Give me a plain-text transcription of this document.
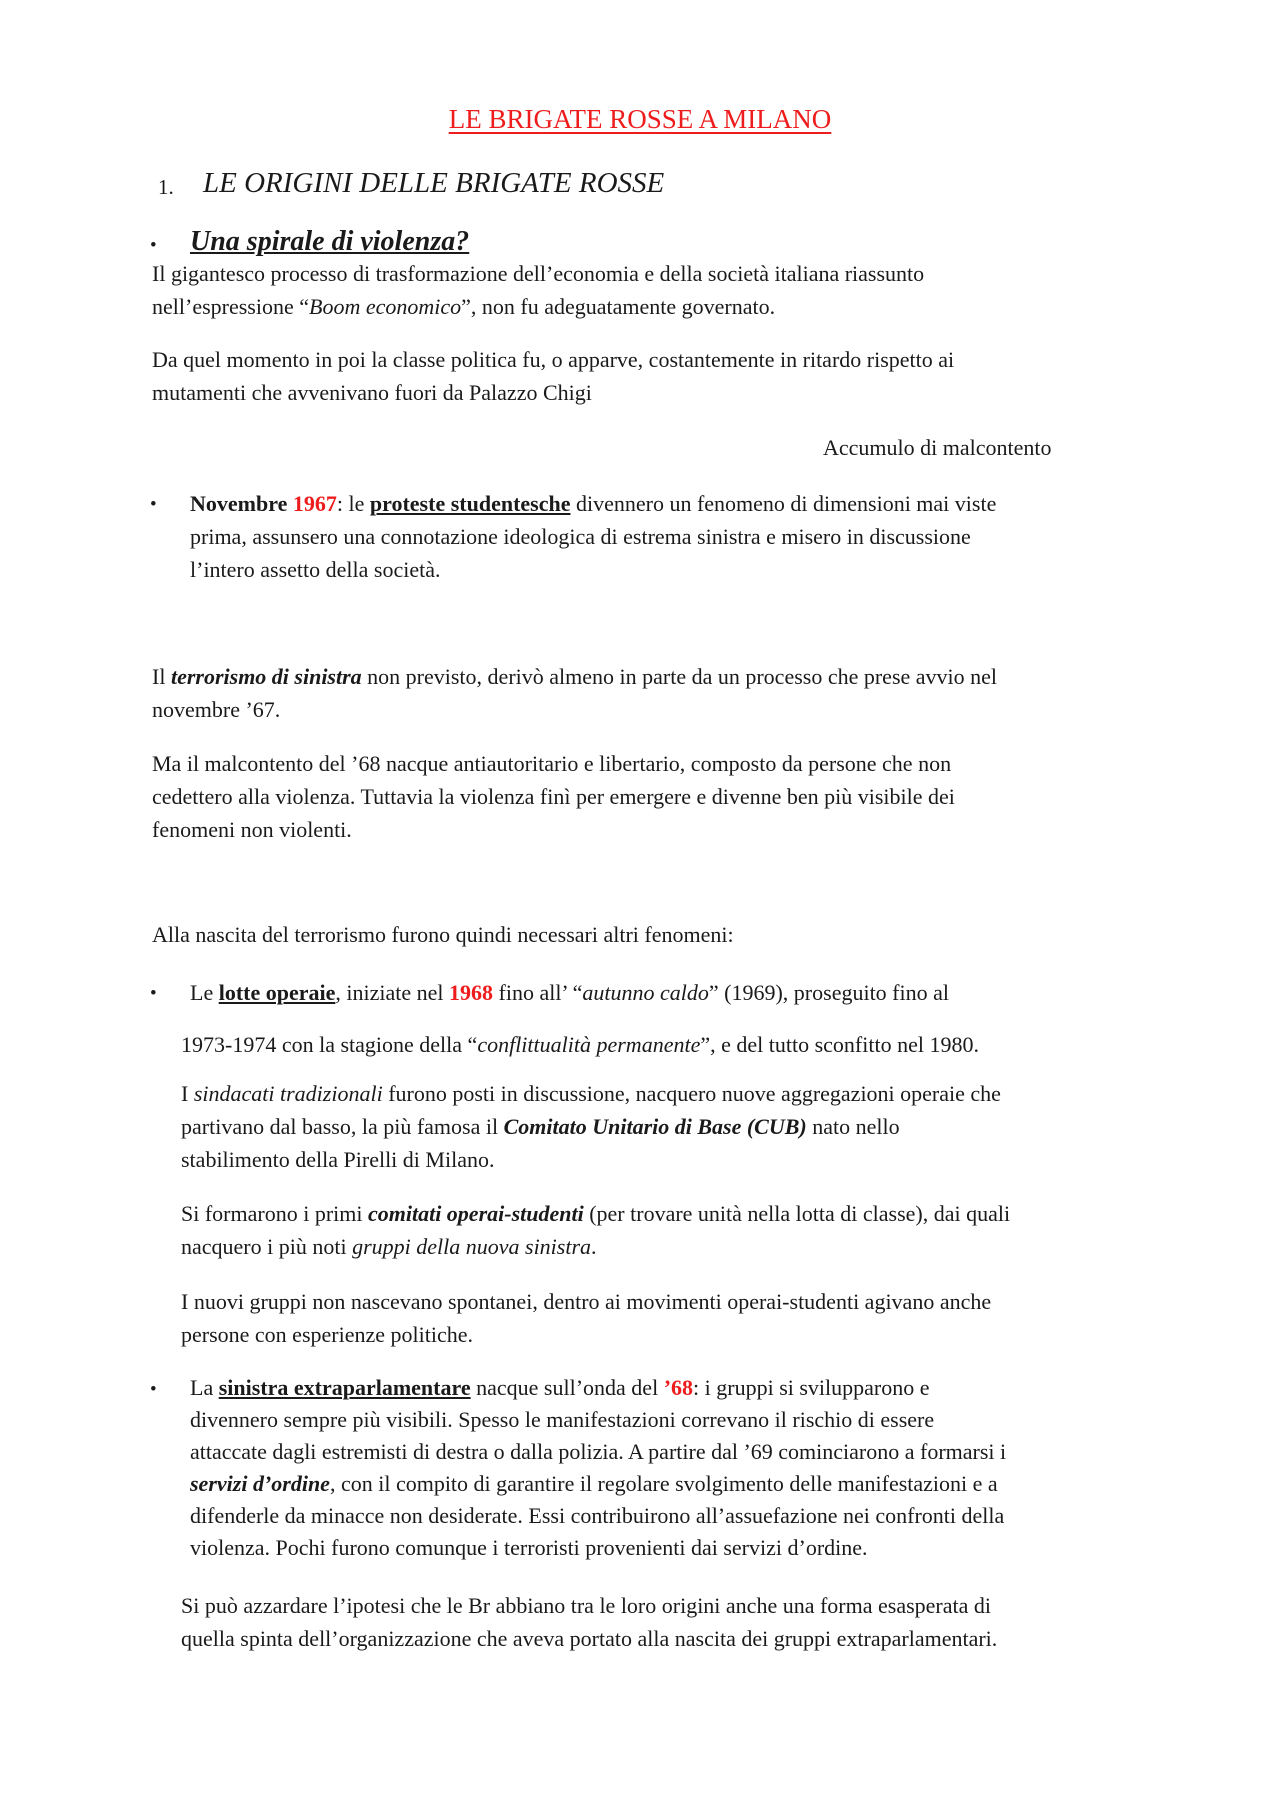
LE BRIGATE ROSSE A MILANO
1. LE ORIGINI DELLE BRIGATE ROSSE
• Una spirale di violenza?

Il gigantesco processo di trasformazione dell’economia e della società italiana riassunto
nell’espressione “Boom economico”, non fu adeguatamente governato.

Da quel momento in poi la classe politica fu, o apparve, costantemente in ritardo rispetto ai
mutamenti che avvenivano fuori da Palazzo Chigi

Accumulo di malcontento

• Novembre 1967: le proteste studentesche divennero un fenomeno di dimensioni mai viste
prima, assunsero una connotazione ideologica di estrema sinistra e misero in discussione
l’intero assetto della società.

Il terrorismo di sinistra non previsto, derivò almeno in parte da un processo che prese avvio nel
novembre ’67.

Ma il malcontento del ’68 nacque antiautoritario e libertario, composto da persone che non
cedettero alla violenza. Tuttavia la violenza finì per emergere e divenne ben più visibile dei
fenomeni non violenti.

Alla nascita del terrorismo furono quindi necessari altri fenomeni:

• Le lotte operaie, iniziate nel 1968 fino all’ “autunno caldo” (1969), proseguito fino al

1973-1974 con la stagione della “conflittualità permanente”, e del tutto sconfitto nel 1980.

I sindacati tradizionali furono posti in discussione, nacquero nuove aggregazioni operaie che
partivano dal basso, la più famosa il Comitato Unitario di Base (CUB) nato nello
stabilimento della Pirelli di Milano.

Si formarono i primi comitati operai-studenti (per trovare unità nella lotta di classe), dai quali
nacquero i più noti gruppi della nuova sinistra.

I nuovi gruppi non nascevano spontanei, dentro ai movimenti operai-studenti agivano anche
persone con esperienze politiche.

• La sinistra extraparlamentare nacque sull’onda del ’68: i gruppi si svilupparono e
divennero sempre più visibili. Spesso le manifestazioni correvano il rischio di essere
attaccate dagli estremisti di destra o dalla polizia. A partire dal ’69 cominciarono a formarsi i
servizi d’ordine, con il compito di garantire il regolare svolgimento delle manifestazioni e a
difenderle da minacce non desiderate. Essi contribuirono all’assuefazione nei confronti della
violenza. Pochi furono comunque i terroristi provenienti dai servizi d’ordine.

Si può azzardare l’ipotesi che le Br abbiano tra le loro origini anche una forma esasperata di
quella spinta dell’organizzazione che aveva portato alla nascita dei gruppi extraparlamentari.
